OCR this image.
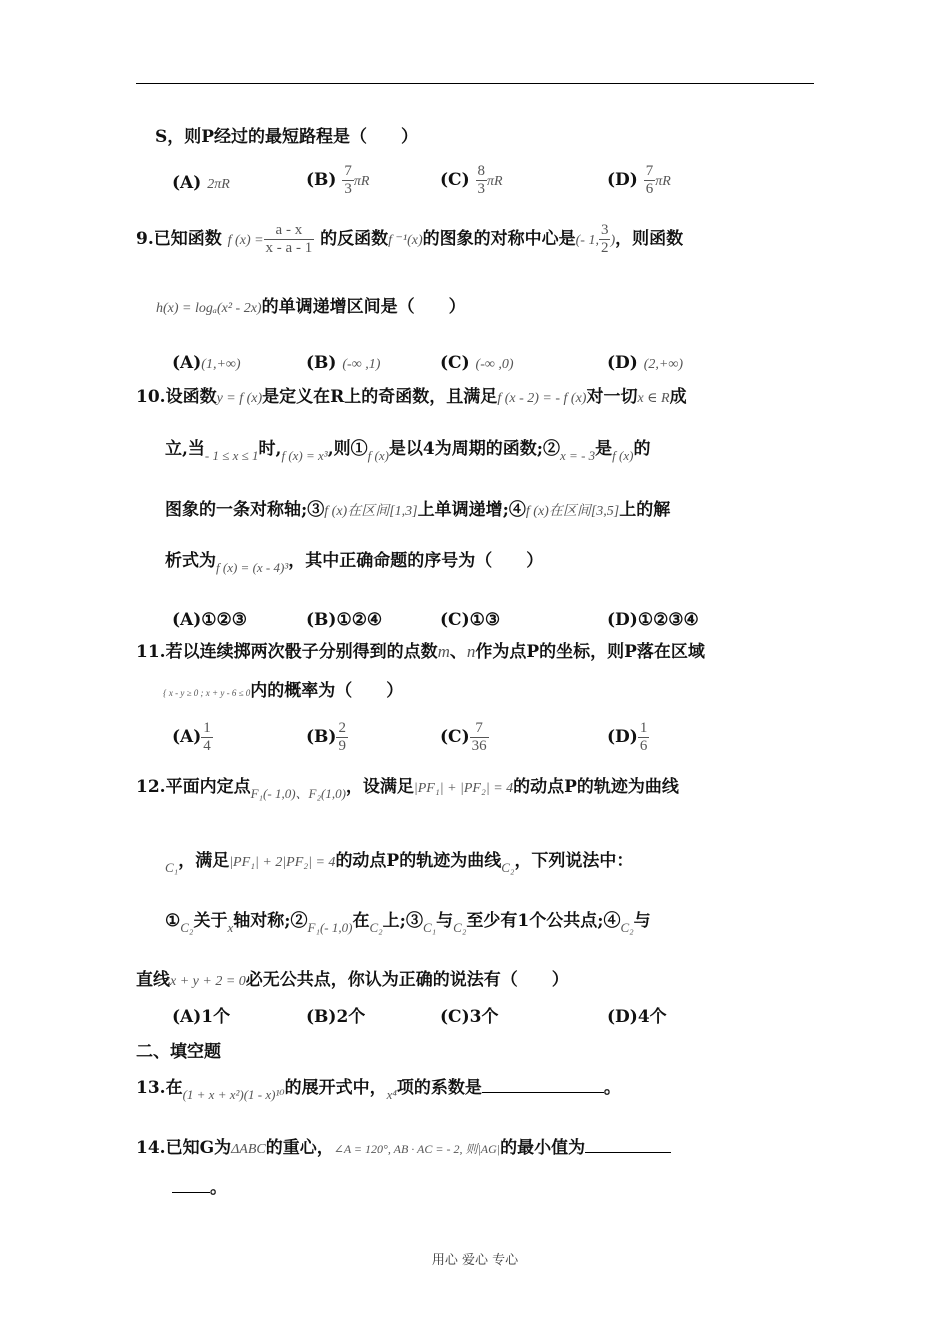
S，则P经过的最短路程是（　　）
(A) 2πR	$(B) \frac{7}{3}$ πR	$(C) \frac{8}{3}$ πR	$(D) \frac{7}{6}$ πR
9.已知函数 f $(x) = \frac{a - x}{x - a - 1}$ 的反函数f ⁻¹(x)的图象的对称中心是(- 1, $\frac{3}{2}$ )，则函数
h(x) = logₐ(x² - 2x)的单调递增区间是（　　）
(A)(1,+∞)	(B) (-∞ ,1)	(C) (-∞ ,0)	(D) (2,+∞)
10.设函数y = f (x)是定义在R上的奇函数，且满足f (x - 2) = - f (x)对一切x ∈ R成
立,当$_{- 1 \le x \le 1}$时$,_{f (x) = x^3}$,则$①_{f (x)}$是以4为周期的函数$;②_{x = - 3}$是$_{f (x)}$的
图象的一条对称轴;③f (x)在区间[1,3]上单调递增;④f (x)在区间[3,5]上的解
析式为$_{f (x) = (x - 4)^3}$，其中正确命题的序号为（　　）
(A)①②③	(B)①②④	(C)①③	(D)①②③④
11.若以连续掷两次骰子分别得到的点数m、n作为点P的坐标，则P落在区域
{ x - y ≥ 0 ; x + y - 6 ≤ 0内的概率为（　　）
$(A) \frac{1}{4}$	$(B) \frac{2}{9}$	$(C) \frac{7}{36}$	$(D) \frac{1}{6}$
12.平面内定点$_{F_1(- 1,0)、F_2(1,0)}$，设满足|PF₁| + |PF₂| = 4的动点P的轨迹为曲线
$_{C_1}$，满足|PF₁| + 2|PF₂| = 4的动点P的轨迹为曲线$_{C_2}$，下列说法中：
$①_{C_2}$关于$_x$轴对称$;②_{F_1(- 1,0)}$在$_{C_2}$上$;③_{C_1}$与$_{C_2}$至少有1个公共点$;④_{C_2}$与
直线x + y + 2 = 0必无公共点，你认为正确的说法有（　　）
(A)1个	(B)2个	(C)3个	(D)4个
二、填空题
13.在$_{(1 + x + x^2)(1 - x)^{10}}$的展开式中，$_{x^4}$项的系数是	。
14.已知G为ΔABC的重心，∠A = 120°, AB · AC = - 2, 则|AG|的最小值为
。
用心 爱心 专心
